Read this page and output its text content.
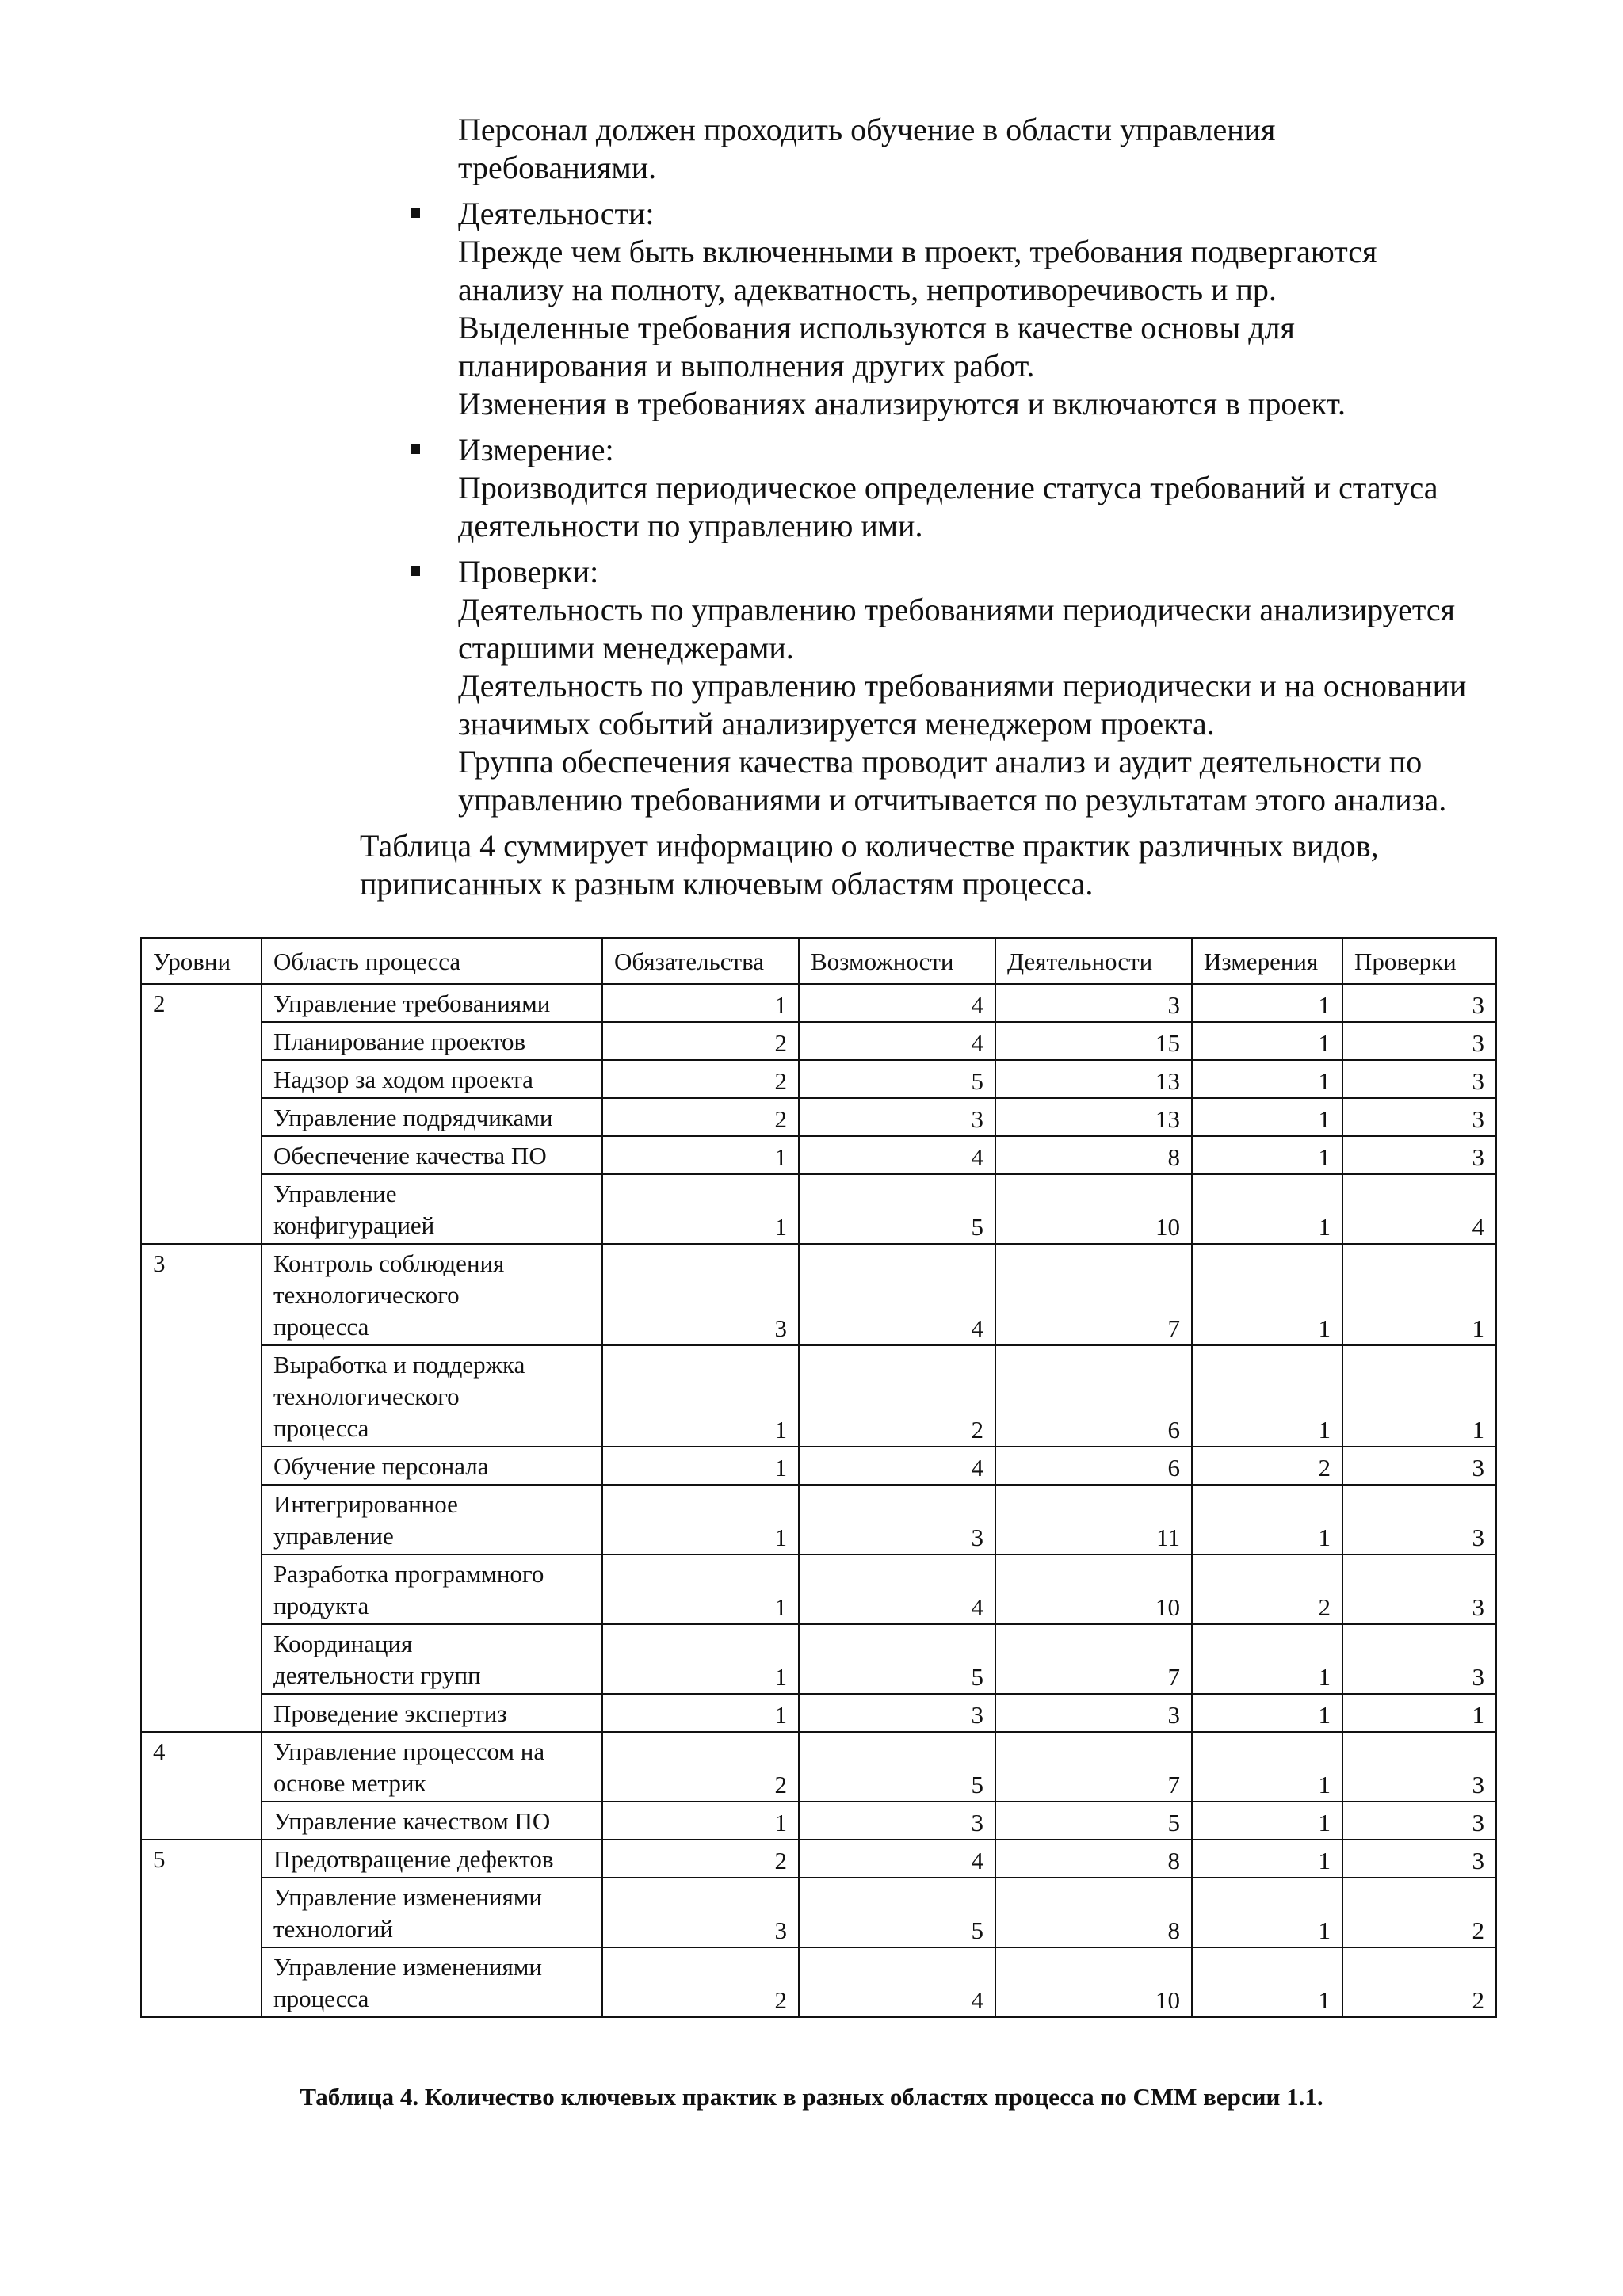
Персонал должен проходить обучение в области управления
требованиями.
Деятельности:
Прежде чем быть включенными в проект, требования подвергаются
анализу на полноту, адекватность, непротиворечивость и пр.
Выделенные требования используются в качестве основы для
планирования и выполнения других работ.
Изменения в требованиях анализируются и включаются в проект.
Измерение:
Производится периодическое определение статуса требований и статуса
деятельности по управлению ими.
Проверки:
Деятельность по управлению требованиями периодически анализируется
старшими менеджерами.
Деятельность по управлению требованиями периодически и на основании
значимых событий анализируется менеджером проекта.
Группа обеспечения качества проводит анализ и аудит деятельности по
управлению требованиями и отчитывается по результатам этого анализа.
Таблица 4 суммирует информацию о количестве практик различных видов,
приписанных к разным ключевым областям процесса.
Уровни	Область процесса	Обязательства	Возможности	Деятельности	Измерения	Проверки
2	Управление требованиями	1	4	3	1	3

	Планирование проектов	2	4	15	1	3

	Надзор за ходом проекта	2	5	13	1	3

	Управление подрядчиками	2	3	13	1	3

	Обеспечение качества ПО	1	4	8	1	3

	Управление
конфигурацией	1	5	10	1	4
3	Контроль соблюдения
технологического
процесса	3	4	7	1	1

	Выработка и поддержка
технологического
процесса	1	2	6	1	1

	Обучение персонала	1	4	6	2	3

	Интегрированное
управление	1	3	11	1	3

	Разработка программного
продукта	1	4	10	2	3

	Координация
деятельности групп	1	5	7	1	3

	Проведение экспертиз	1	3	3	1	1
4	Управление процессом на
основе метрик	2	5	7	1	3

	Управление качеством ПО	1	3	5	1	3
5	Предотвращение дефектов	2	4	8	1	3

	Управление изменениями
технологий	3	5	8	1	2

	Управление изменениями
процесса	2	4	10	1	2
Таблица 4. Количество ключевых практик в разных областях процесса по CMM версии 1.1.
